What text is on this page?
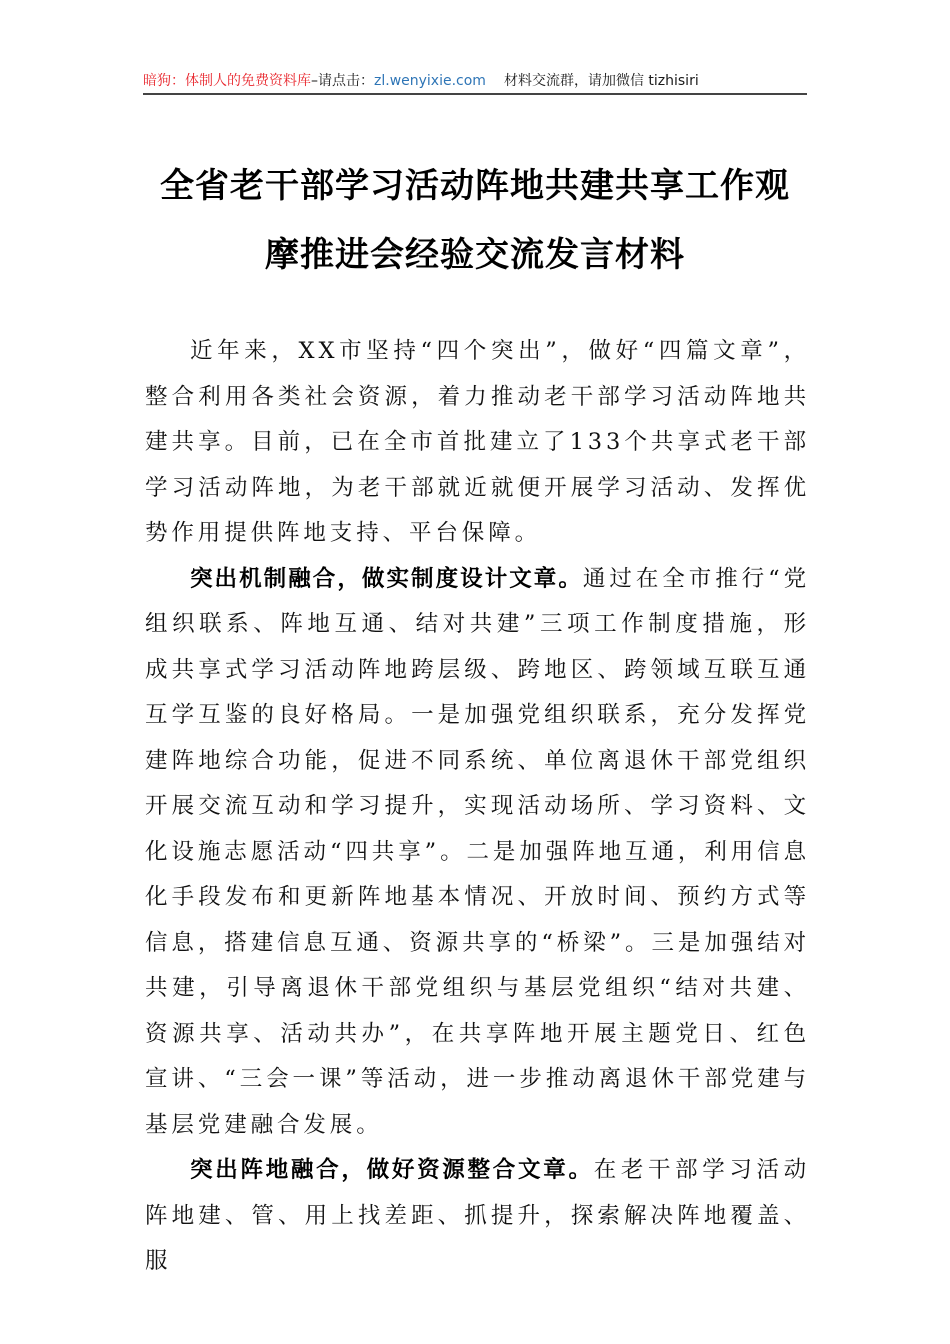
暗狗：体制人的免费资料库 –请点击： zl.wenyixie.com 材料交流群，请加微信 tizhisiri
全省老干部学习活动阵地共建共享工作观
摩推进会经验交流发言材料

近年来，XX市坚持“四个突出”，做好“四篇文章”，整合利用各类社会资源，着力推动老干部学习活动阵地共建共享。目前，已在全市首批建立了133个共享式老干部学习活动阵地，为老干部就近就便开展学习活动、发挥优势作用提供阵地支持、平台保障。

突出机制融合，做实制度设计文章。通过在全市推行“党组织联系、阵地互通、结对共建”三项工作制度措施，形成共享式学习活动阵地跨层级、跨地区、跨领域互联互通互学互鉴的良好格局。一是加强党组织联系，充分发挥党建阵地综合功能，促进不同系统、单位离退休干部党组织开展交流互动和学习提升，实现活动场所、学习资料、文化设施志愿活动“四共享”。二是加强阵地互通，利用信息化手段发布和更新阵地基本情况、开放时间、预约方式等信息，搭建信息互通、资源共享的“桥梁”。三是加强结对共建，引导离退休干部党组织与基层党组织“结对共建、资源共享、活动共办”，在共享阵地开展主题党日、红色宣讲、“三会一课”等活动，进一步推动离退休干部党建与基层党建融合发展。

突出阵地融合，做好资源整合文章。在老干部学习活动阵地建、管、用上找差距、抓提升，探索解决阵地覆盖、服
